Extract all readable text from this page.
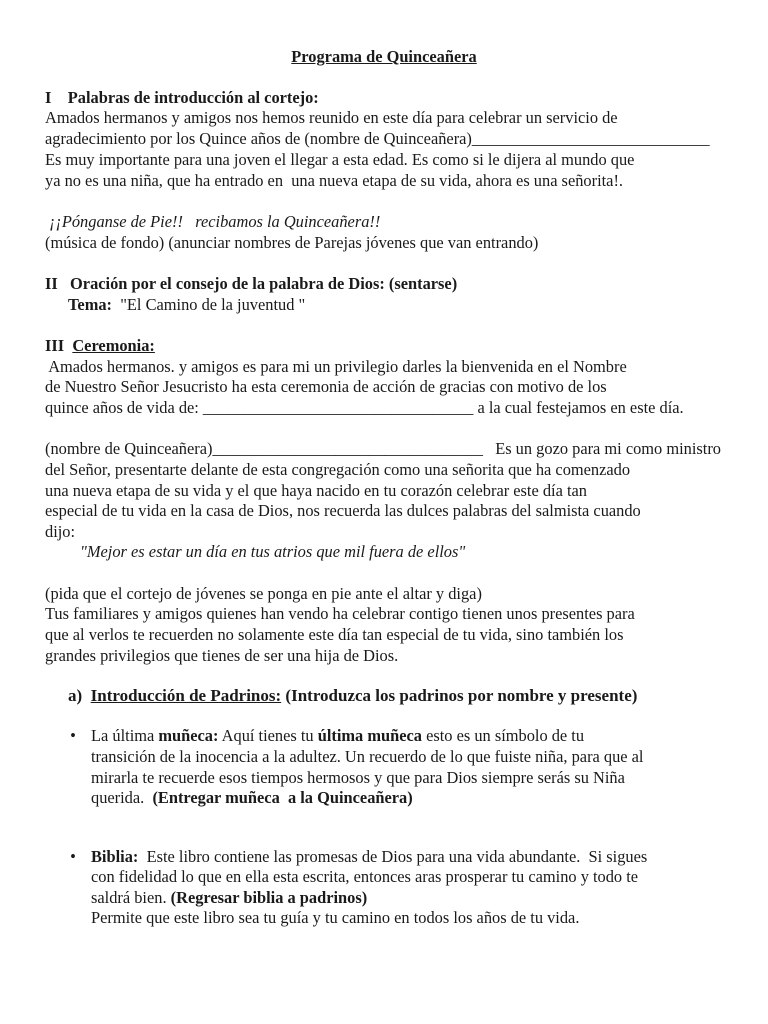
Programa de Quinceañera
I    Palabras de introducción al cortejo:
Amados hermanos y amigos nos hemos reunido en este día para celebrar un servicio de
agradecimiento por los Quince años de (nombre de Quinceañera)_____________________________
Es muy importante para una joven el llegar a esta edad. Es como si le dijera al mundo que
ya no es una niña, que ha entrado en  una nueva etapa de su vida, ahora es una señorita!.
¡¡Pónganse de Pie!!   recibamos la Quinceañera!!
(música de fondo) (anunciar nombres de Parejas jóvenes que van entrando)
II   Oración por el consejo de la palabra de Dios: (sentarse)
Tema:  "El Camino de la juventud "
III  Ceremonia:
Amados hermanos. y amigos es para mi un privilegio darles la bienvenida en el Nombre
de Nuestro Señor Jesucristo ha esta ceremonia de acción de gracias con motivo de los
quince años de vida de: _________________________________ a la cual festejamos en este día.
(nombre de Quinceañera)_________________________________   Es un gozo para mi como ministro
del Señor, presentarte delante de esta congregación como una señorita que ha comenzado
una nueva etapa de su vida y el que haya nacido en tu corazón celebrar este día tan
especial de tu vida en la casa de Dios, nos recuerda las dulces palabras del salmista cuando
dijo:
"Mejor es estar un día en tus atrios que mil fuera de ellos"
(pida que el cortejo de jóvenes se ponga en pie ante el altar y diga)
Tus familiares y amigos quienes han vendo ha celebrar contigo tienen unos presentes para
que al verlos te recuerden no solamente este día tan especial de tu vida, sino también los
grandes privilegios que tienes de ser una hija de Dios.
a)  Introducción de Padrinos: (Introduzca los padrinos por nombre y presente)
• La última muñeca: Aquí tienes tu última muñeca esto es un símbolo de tu
transición de la inocencia a la adultez. Un recuerdo de lo que fuiste niña, para que al
mirarla te recuerde esos tiempos hermosos y que para Dios siempre serás su Niña
querida.  (Entregar muñeca  a la Quinceañera)
• Biblia:  Este libro contiene las promesas de Dios para una vida abundante.  Si sigues
con fidelidad lo que en ella esta escrita, entonces aras prosperar tu camino y todo te
saldrá bien. (Regresar biblia a padrinos)
Permite que este libro sea tu guía y tu camino en todos los años de tu vida.
